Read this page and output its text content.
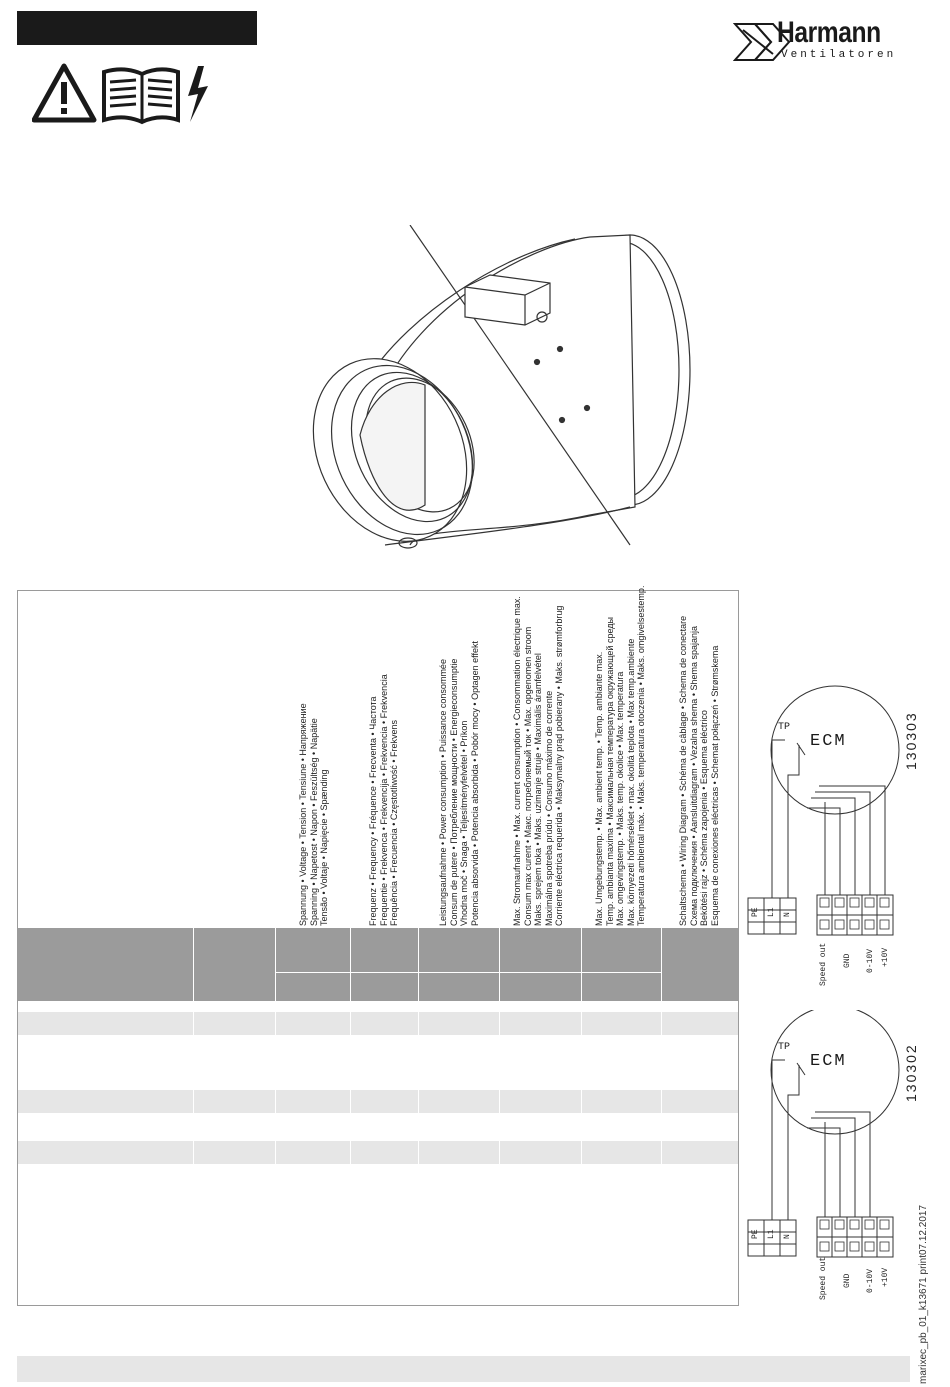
Harmann
Ventilatoren
Spannung • Voltage • Tension • Tensiune • Напряжение Spanning • Napetost • Napon • Feszültség • Napätie Tensão • Voltaje • Napięcie • Spænding	Frequenz • Frequency • Fréquence • Frecventa • Частота Frequentie • Frekvenca • Frekvencija • Frekvencia • Frekvencia Frequência • Frecuencia • Częstotliwość • Frekvens	Leistungsaufnahme • Power consumption • Puissance consommée Consum de putere • Потребление мощности • Energieconsumptie Vhodna moč • Snaga • Teljesítményfelvétel • Príkon Potencia absorvida • Potencia absorbida • Pobór mocy • Optagen effekt	Max. Stromaufnahme • Max. current consumption • Consommation électrique max. Consum max curent • Макс. потребляемый ток • Max. opgenomen stroom Maks. sprejem toka • Maks. uzimanje struje • Maximális áramfelvétel Maximálna spotreba prúdu • Consumo máximo de corrente Corriente eléctrica requerida • Maksymalny prąd pobierany • Maks. strømforbrug	Max. Umgebungstemp. • Max. ambient temp. • Temp. ambiante max. Temp. ambianta maxima • Максимальная температура окружающей среды Max. omgevingstemp. • Maks. temp. okolice • Max. temperatura Max. környezeti hőmérséklet • max. okolitá teplota • Max temp.ambiente Temperatura ambiental máx. • Maks. temperatura otoczenia • Maks. omgivelsestemp.	Schaltschema • Wiring Diagram • Schéma de câblage • Schema de conectare Схема подключения • Aansluitdiagram • Vezalna shema • Shema spajanja Bekötési rajz • Schéma zapojenia • Esquema eléctrico Esquema de conexiones eléctricas • Schemat połączeń • Strømskema	TP
ECM
PE L1 N
Speed out GND 0-10V +10V
130303
TP
ECM
PE L1 N
Speed out GND 0-10V +10V
130302
marixec_pb_01_k13671 print07.12.2017
